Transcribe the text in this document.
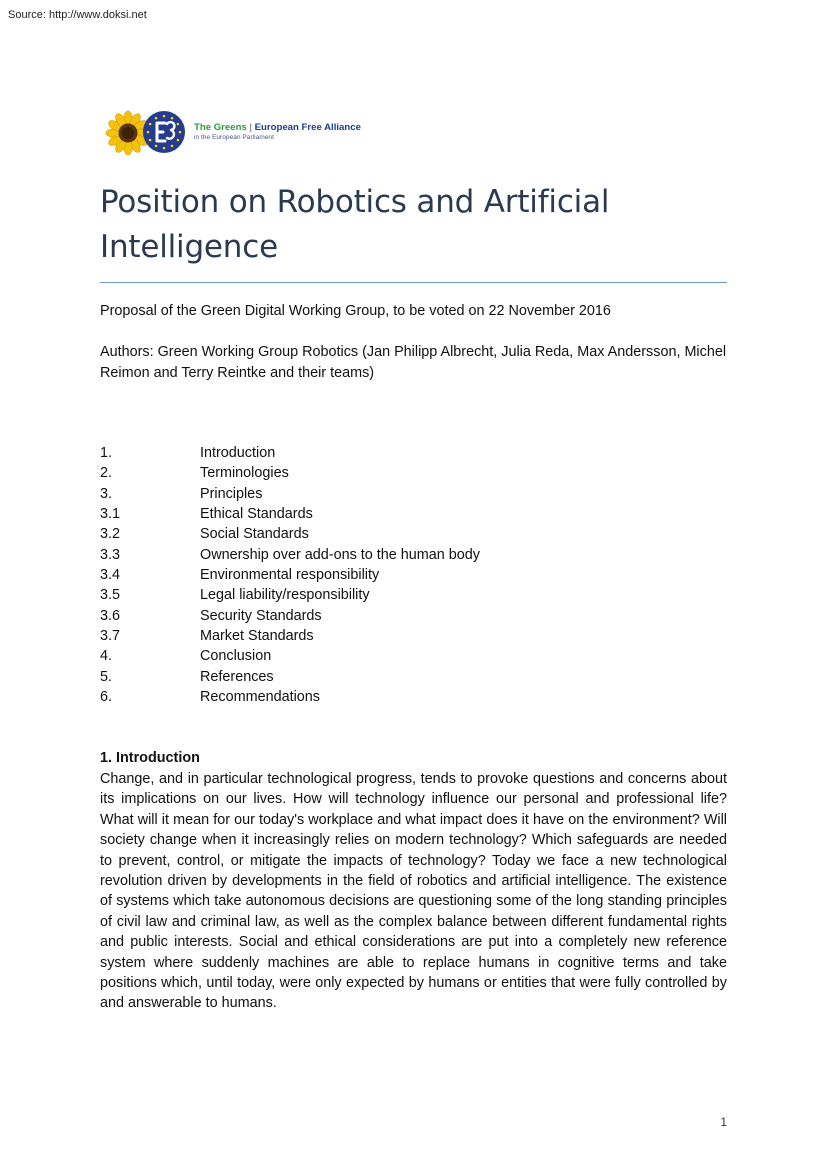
Source: http://www.doksi.net
The Greens | European Free Alliance
in the European Parliament
Position on Robotics and Artificial Intelligence

Proposal of the Green Digital Working Group, to be voted on 22 November 2016

Authors: Green Working Group Robotics (Jan Philipp Albrecht, Julia Reda, Max Andersson, Michel Reimon and Terry Reintke and their teams)

1.	Introduction
2.	Terminologies
3.	Principles
3.1	Ethical Standards
3.2	Social Standards
3.3	Ownership over add-ons to the human body
3.4	Environmental responsibility
3.5	Legal liability/responsibility
3.6	Security Standards
3.7	Market Standards
4.	Conclusion
5.	References
6.	Recommendations
1. Introduction

Change, and in particular technological progress, tends to provoke questions and concerns about its implications on our lives. How will technology influence our personal and professional life? What will it mean for our today's workplace and what impact does it have on the environment? Will society change when it increasingly relies on modern technology? Which safeguards are needed to prevent, control, or mitigate the impacts of technology? Today we face a new technological revolution driven by developments in the field of robotics and artificial intelligence. The existence of systems which take autonomous decisions are questioning some of the long standing principles of civil law and criminal law, as well as the complex balance between different fundamental rights and public interests. Social and ethical considerations are put into a completely new reference system where suddenly machines are able to replace humans in cognitive terms and take positions which, until today, were only expected by humans or entities that were fully controlled by and answerable to humans.

1
